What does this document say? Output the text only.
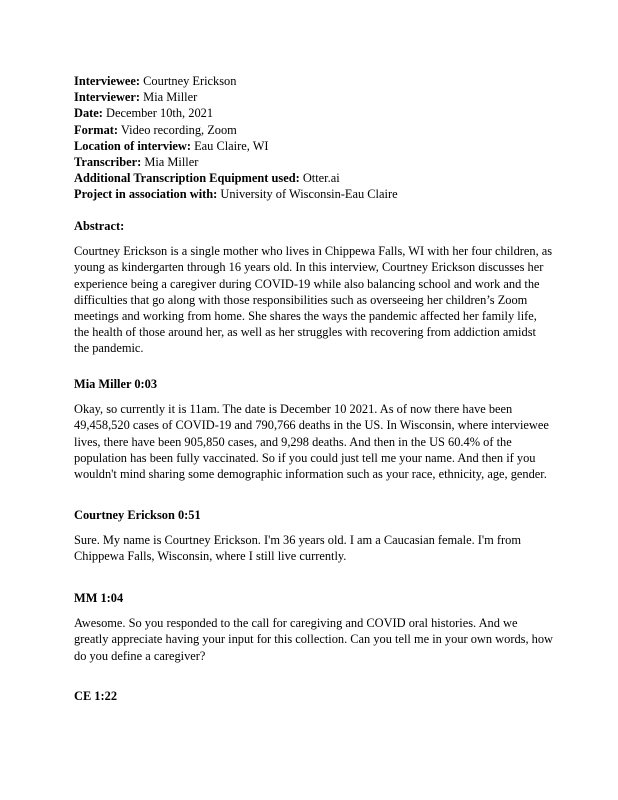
Interviewee: Courtney Erickson
Interviewer: Mia Miller
Date: December 10th, 2021
Format: Video recording, Zoom
Location of interview: Eau Claire, WI
Transcriber: Mia Miller
Additional Transcription Equipment used: Otter.ai
Project in association with: University of Wisconsin-Eau Claire
Abstract:

Courtney Erickson is a single mother who lives in Chippewa Falls, WI with her four children, as young as kindergarten through 16 years old. In this interview, Courtney Erickson discusses her experience being a caregiver during COVID-19 while also balancing school and work and the difficulties that go along with those responsibilities such as overseeing her children’s Zoom meetings and working from home. She shares the ways the pandemic affected her family life, the health of those around her, as well as her struggles with recovering from addiction amidst the pandemic.

Mia Miller 0:03

Okay, so currently it is 11am. The date is December 10 2021. As of now there have been 49,458,520 cases of COVID-19 and 790,766 deaths in the US. In Wisconsin, where interviewee lives, there have been 905,850 cases, and 9,298 deaths. And then in the US 60.4% of the population has been fully vaccinated. So if you could just tell me your name. And then if you wouldn't mind sharing some demographic information such as your race, ethnicity, age, gender.

Courtney Erickson 0:51

Sure. My name is Courtney Erickson. I'm 36 years old. I am a Caucasian female. I'm from Chippewa Falls, Wisconsin, where I still live currently.

MM 1:04

Awesome. So you responded to the call for caregiving and COVID oral histories. And we greatly appreciate having your input for this collection. Can you tell me in your own words, how do you define a caregiver?

CE 1:22
